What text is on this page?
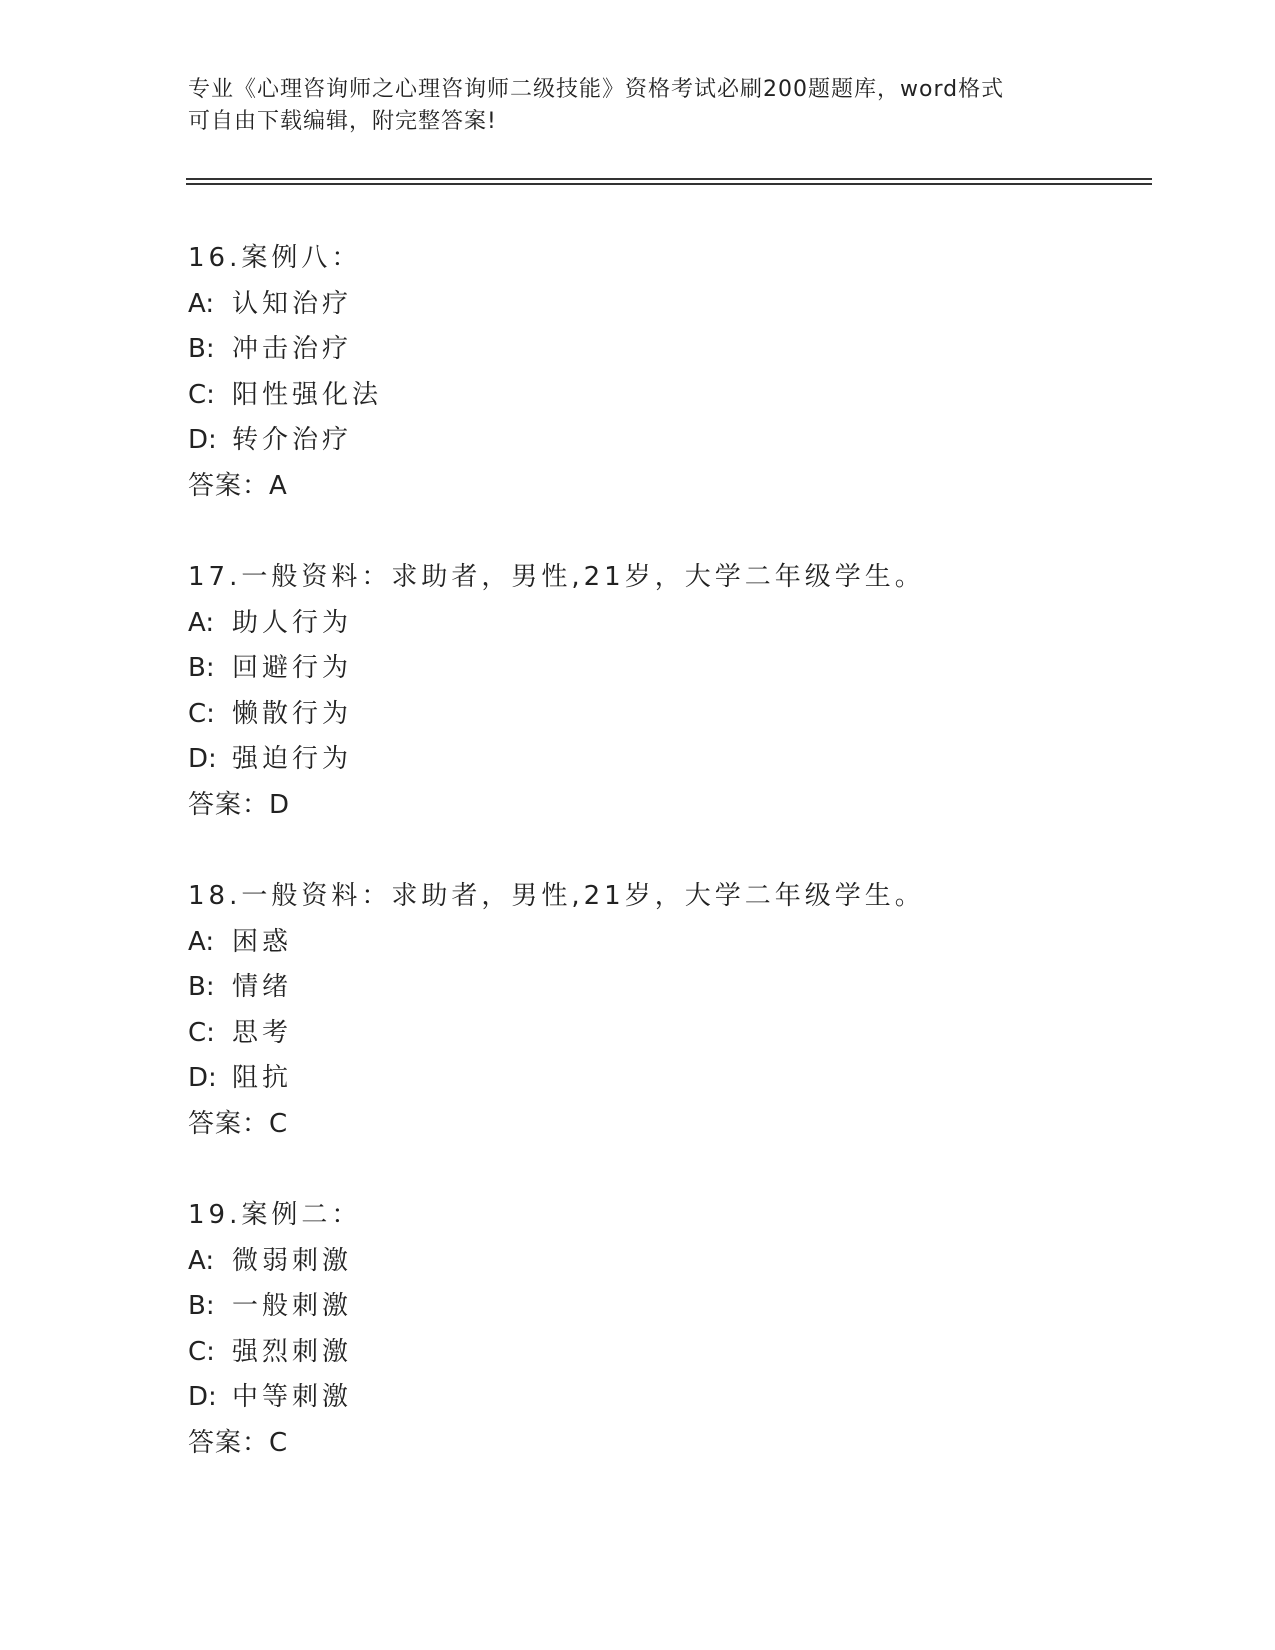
专业《心理咨询师之心理咨询师二级技能》资格考试必刷200题题库，word格式
可自由下载编辑，附完整答案!
16.案例八：
A: 认知治疗
B: 冲击治疗
C: 阳性强化法
D: 转介治疗
答案：A
17.一般资料：求助者，男性,21岁，大学二年级学生。
A: 助人行为
B: 回避行为
C: 懒散行为
D: 强迫行为
答案：D
18.一般资料：求助者，男性,21岁，大学二年级学生。
A: 困惑
B: 情绪
C: 思考
D: 阻抗
答案：C
19.案例二：
A: 微弱刺激
B: 一般刺激
C: 强烈刺激
D: 中等刺激
答案：C
